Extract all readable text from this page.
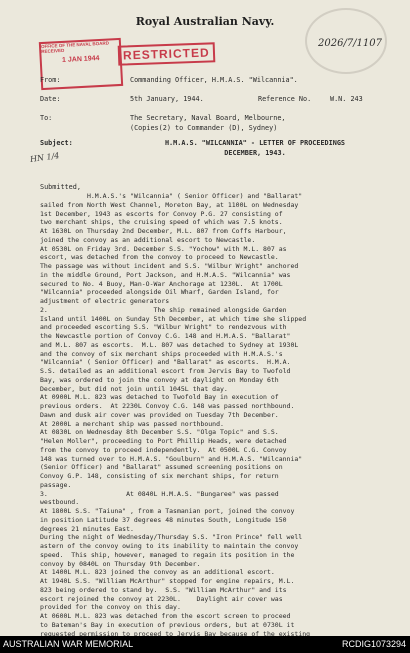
Royal Australian Navy.

OFFICE OF THE NAVAL BOARD
RECEIVED
1 JAN 1944	RESTRICTED
2026/7/1107
From:	Commanding Officer, H.M.A.S. "Wilcannia".
Date:	5th January, 1944.	Reference No.	W.N. 243
To:	The Secretary, Naval Board, Melbourne,
(Copies(2) to Commander (D), Sydney)
Subject:	H.M.A.S. "WILCANNIA" - LETTER OF PROCEEDINGS
DECEMBER, 1943.
HN 1/4
Submitted,
H.M.A.S.'s "Wilcannia" ( Senior Officer) and "Ballarat"
sailed from North West Channel, Moreton Bay, at 1100L on Wednesday
1st December, 1943 as escorts for Convoy P.G. 27 consisting of
two merchant ships, the cruising speed of which was 7.5 knots.
At 1630L on Thursday 2nd December, M.L. 807 from Coffs Harbour,
joined the convoy as an additional escort to Newcastle.
At 0530L on Friday 3rd. December S.S. "Yochow" with M.L. 807 as
escort, was detached from the convoy to proceed to Newcastle.
The passage was without incident and S.S. "Wilbur Wright" anchored
in the middle Ground, Port Jackson, and H.M.A.S. "Wilcannia" was
secured to No. 4 Buoy, Man-O-War Anchorage at 1230L.  At 1700L
"Wilcannia" proceeded alongside Oil Wharf, Garden Island, for
adjustment of electric generators
2.                           The ship remained alongside Garden
Island until 1400L on Sunday 5th December, at which time she slipped
and proceeded escorting S.S. "Wilbur Wright" to rendezvous with
the Newcastle portion of Convoy C.G. 148 and H.M.A.S. "Ballarat"
and M.L. 807 as escorts.  M.L. 807 was detached to Sydney at 1930L
and the convoy of six merchant ships proceeded with H.M.A.S.'s
"Wilcannia" ( Senior Officer) and "Ballarat" as escorts.  H.M.A.
S.S. detailed as an additional escort from Jervis Bay to Twofold
Bay, was ordered to join the convoy at daylight on Monday 6th
December, but did not join until 1045L that day.
At 0900L M.L. 823 was detached to Twofold Bay in execution of
previous orders.  At 2230L Convoy C.G. 148 was passed northbound.
Dawn and dusk air cover was provided on Tuesday 7th December.
At 2000L a merchant ship was passed northbound.
At 0830L on Wednesday 8th December S.S. "Olga Topic" and S.S.
"Helen Moller", proceeding to Port Phillip Heads, were detached
from the convoy to proceed independently.  At 0500L C.G. Convoy
148 was turned over to H.M.A.S. "Goulburn" and H.M.A.S. "Wilcannia"
(Senior Officer) and "Ballarat" assumed screening positions on
Convoy G.P. 148, consisting of six merchant ships, for return
passage.
3.                    At 0840L H.M.A.S. "Bungaree" was passed
westbound.
At 1800L S.S. "Taiuna" , from a Tasmanian port, joined the convoy
in position Latitude 37 degrees 48 minutes South, Longitude 150
degrees 21 minutes East.
During the night of Wednesday/Thursday S.S. "Iron Prince" fell well
astern of the convoy owing to its inability to maintain the convoy
speed.  This ship, however, managed to regain its position in the
convoy by 0840L on Thursday 9th December.
At 1400L M.L. 823 joined the convoy as an additional escort.
At 1940L S.S. "William McArthur" stopped for engine repairs, M.L.
823 being ordered to stand by.  S.S. "William McArthur" and its
escort rejoined the convoy at 2230L.    Daylight air cover was
provided for the convoy on this day.
At 0600L M.L. 823 was detached from the escort screen to proceed
to Bateman's Bay in execution of previous orders, but at 0730L it
requested permission to proceed to Jervis Bay because of the existing
AUSTRALIAN WAR MEMORIAL	RCDIG1073294
